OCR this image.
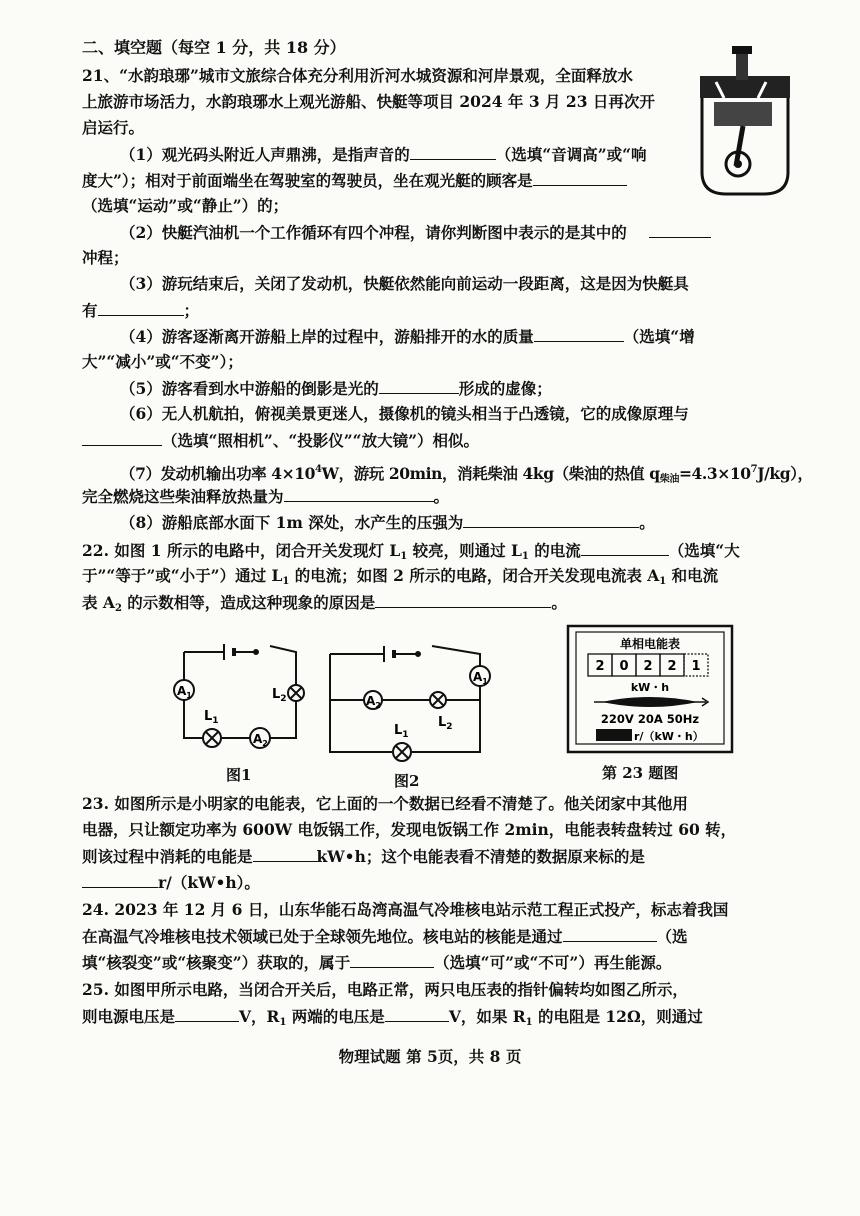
二、填空题（每空 1 分，共 18 分）
21、“水韵琅琊”城市文旅综合体充分利用沂河水城资源和河岸景观，全面释放水
上旅游市场活力，水韵琅琊水上观光游船、快艇等项目 2024 年 3 月 23 日再次开
启运行。
（1）观光码头附近人声鼎沸，是指声音的	（选填“音调高”或“响
度大”）；相对于前面端坐在驾驶室的驾驶员，坐在观光艇的顾客是
（选填“运动”或“静止”）的；
（2）快艇汽油机一个工作循环有四个冲程，请你判断图中表示的是其中的
冲程；
（3）游玩结束后，关闭了发动机，快艇依然能向前运动一段距离，这是因为快艇具
有	；
（4）游客逐渐离开游船上岸的过程中，游船排开的水的质量	（选填“增
大”“减小”或“不变”）；
（5）游客看到水中游船的倒影是光的	形成的虚像；
（6）无人机航拍，俯视美景更迷人，摄像机的镜头相当于凸透镜，它的成像原理与
（选填“照相机”、“投影仪”“放大镜”）相似。
（7）发动机输出功率 $4\times 10^4W$，游玩 20min，消耗柴油 4kg（柴油的热值 $q_{柴油}=4.3\times 10^7J/kg$），
完全燃烧这些柴油释放热量为	。
（8）游船底部水面下 1m 深处，水产生的压强为	。
22. 如图 1 所示的电路中，闭合开关发现灯 $L_1$ 较亮，则通过 $L_1$ 的电流	（选填“大
于”“等于”或“小于”）通过 $L_1$ 的电流；如图 2 所示的电路，闭合开关发现电流表 $A_1$ 和电流
表 $A_2$ 的示数相等，造成这种现象的原因是	。
$A_1$
$A_2$
$L_1$
$L_2$
图1
$A_1$
$A_2$
$L_2$
$L_1$
图2
单相电能表
2 0 2 2 1
kW・h
220V 20A 50Hz
r/（kW・h）
第 23 题图
23. 如图所示是小明家的电能表，它上面的一个数据已经看不清楚了。他关闭家中其他用
电器，只让额定功率为 600W 电饭锅工作，发现电饭锅工作 2min，电能表转盘转过 60 转，
则该过程中消耗的电能是	kW•h；这个电能表看不清楚的数据原来标的是
r/（kW•h）。
24. 2023 年 12 月 6 日，山东华能石岛湾高温气冷堆核电站示范工程正式投产，标志着我国
在高温气冷堆核电技术领域已处于全球领先地位。核电站的核能是通过	（选
填“核裂变”或“核聚变”）获取的，属于	（选填“可”或“不可”）再生能源。
25. 如图甲所示电路，当闭合开关后，电路正常，两只电压表的指针偏转均如图乙所示，
则电源电压是	V，$R_1$ 两端的电压是	V，如果 $R_1$ 的电阻是 12Ω，则通过
物理试题 第 5页，共 8 页
